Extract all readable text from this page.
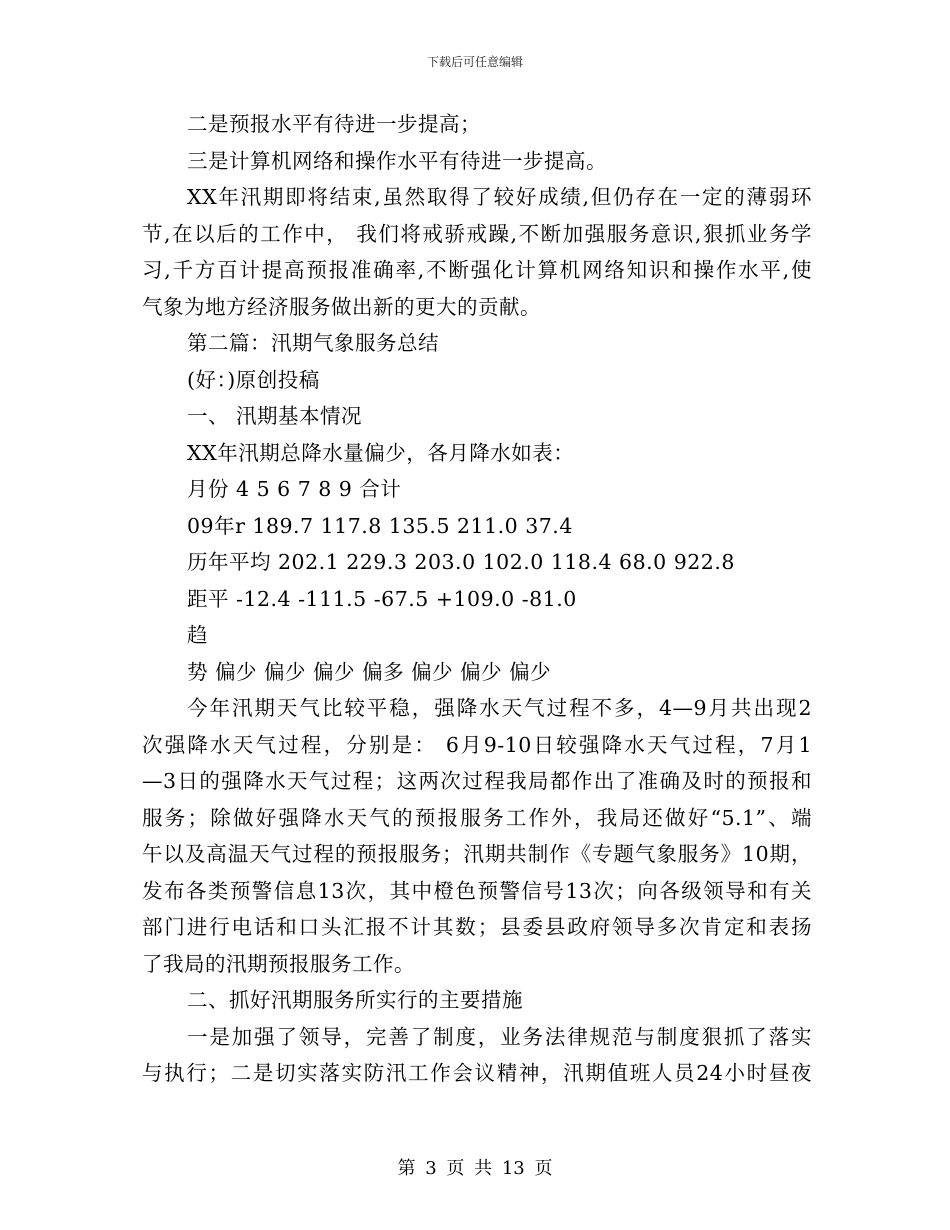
下载后可任意编辑
二是预报水平有待进一步提高；
三是计算机网络和操作水平有待进一步提高。
XX年汛期即将结束,虽然取得了较好成绩,但仍存在一定的薄弱环
节,在以后的工作中， 我们将戒骄戒躁,不断加强服务意识,狠抓业务学
习,千方百计提高预报准确率,不断强化计算机网络知识和操作水平,使
气象为地方经济服务做出新的更大的贡献。
第二篇：汛期气象服务总结
(好：)原创投稿
一、 汛期基本情况
XX年汛期总降水量偏少，各月降水如表：
月份 4 5 6 7 8 9 合计
09年r 189.7 117.8 135.5 211.0 37.4
历年平均 202.1 229.3 203.0 102.0 118.4 68.0 922.8
距平 -12.4 -111.5 -67.5 +109.0 -81.0
趋
势 偏少 偏少 偏少 偏多 偏少 偏少 偏少
今年汛期天气比较平稳，强降水天气过程不多，4—9月共出现2
次强降水天气过程，分别是： 6月9-10日较强降水天气过程，7月1
—3日的强降水天气过程；这两次过程我局都作出了准确及时的预报和
服务；除做好强降水天气的预报服务工作外，我局还做好“5.1”、端
午以及高温天气过程的预报服务；汛期共制作《专题气象服务》10期，
发布各类预警信息13次，其中橙色预警信号13次；向各级领导和有关
部门进行电话和口头汇报不计其数；县委县政府领导多次肯定和表扬
了我局的汛期预报服务工作。
二、抓好汛期服务所实行的主要措施
一是加强了领导，完善了制度，业务法律规范与制度狠抓了落实
与执行；二是切实落实防汛工作会议精神，汛期值班人员24小时昼夜
第 3 页 共 13 页
